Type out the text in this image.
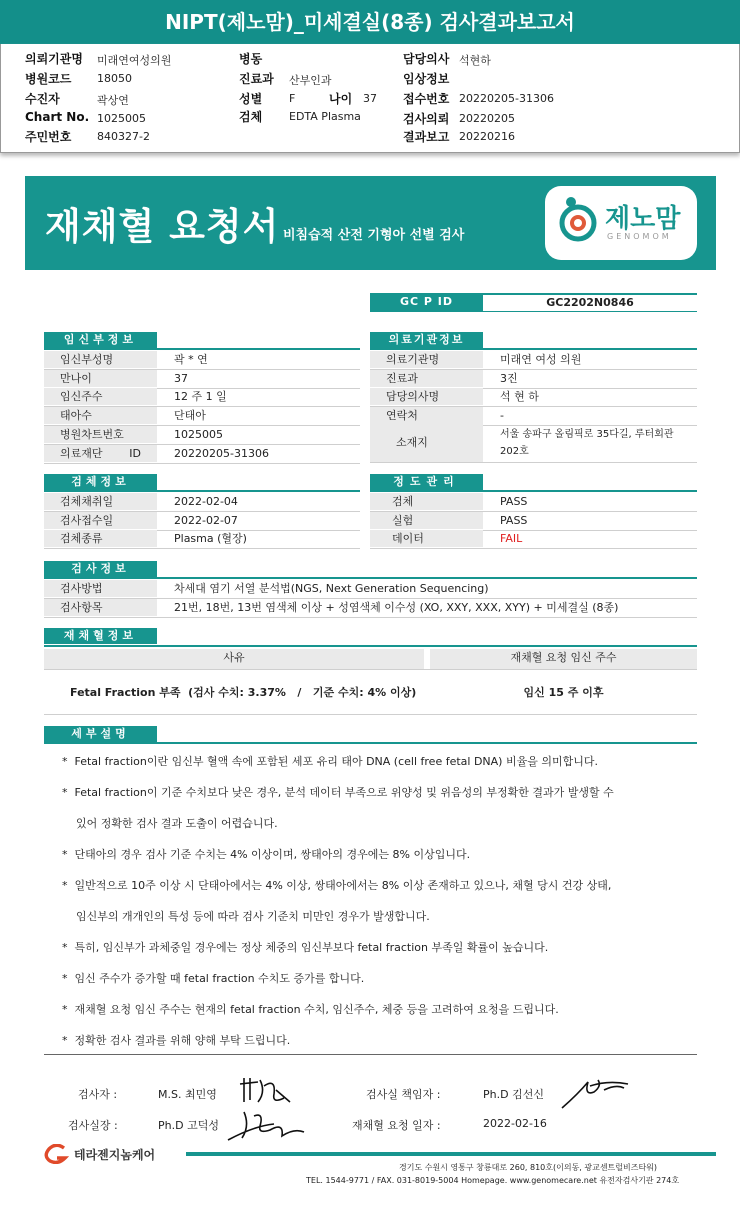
NIPT(제노맘)_미세결실(8종) 검사결과보고서
의뢰기관명 미래연여성의원
병원코드 18050
수진자	곽상연
Chart No. 1025005
주민번호 840327-2
병동
진료과 산부인과
성별 F	나이 37
검체 EDTA Plasma
담당의사 석현하
임상정보
접수번호 20220205-31306
검사의뢰 20220205
결과보고 20220216
재채혈 요청서 비침습적 산전 기형아 선별 검사
제노맘
GENOMOM
GC P ID	GC2202N0846
임신부정보
임신부성명	곽 * 연
만나이	37
임신주수	12 주 1 일
태아수	단태아
병원차트번호	1025005
의료재단 ID	20220205-31306
의료기관정보
의료기관명	미래연 여성 의원
진료과	3진
담당의사명	석 현 하
연락처	-
소재지
서울 송파구 올림픽로 35다길, 루터회관
202호
검체정보
검체채취일	2022-02-04
검사접수일	2022-02-07
검체종류	Plasma (혈장)
정도관리
검체	PASS
실험	PASS
데이터	FAIL
검사정보
검사방법	차세대 염기 서열 분석법(NGS, Next Generation Sequencing)
검사항목	21번, 18번, 13번 염색체 이상 + 성염색체 이수성 (XO, XXY, XXX, XYY) + 미세결실 (8종)
재채혈정보
사유	재채혈 요청 임신 주수
Fetal Fraction 부족  (검사 수치: 3.37%   /   기준 수치: 4% 이상)	임신 15 주 이후
세부설명
*  Fetal fraction이란 임신부 혈액 속에 포함된 세포 유리 태아 DNA (cell free fetal DNA) 비율을 의미합니다.
*  Fetal fraction이 기준 수치보다 낮은 경우, 분석 데이터 부족으로 위양성 및 위음성의 부정확한 결과가 발생할 수
있어 정확한 검사 결과 도출이 어렵습니다.
*  단태아의 경우 검사 기준 수치는 4% 이상이며, 쌍태아의 경우에는 8% 이상입니다.
*  일반적으로 10주 이상 시 단태아에서는 4% 이상, 쌍태아에서는 8% 이상 존재하고 있으나, 채혈 당시 건강 상태,
임신부의 개개인의 특성 등에 따라 검사 기준치 미만인 경우가 발생합니다.
*  특히, 임신부가 과체중일 경우에는 정상 체중의 임신부보다 fetal fraction 부족일 확률이 높습니다.
*  임신 주수가 증가할 때 fetal fraction 수치도 증가를 합니다.
*  재채혈 요청 임신 주수는 현재의 fetal fraction 수치, 임신주수, 체중 등을 고려하여 요청을 드립니다.
*  정확한 검사 결과를 위해 양해 부탁 드립니다.
검사자 :	M.S. 최민영	검사실 책임자 :	Ph.D 김선신
검사실장 :	Ph.D 고덕성	재채혈 요청 일자 :	2022-02-16
테라젠지놈케어
경기도 수원시 영통구 창룡대로 260, 810호(이의동, 광교센트럴비즈타워)
TEL. 1544-9771 / FAX. 031-8019-5004 Homepage. www.genomecare.net 유전자검사기관 274호
